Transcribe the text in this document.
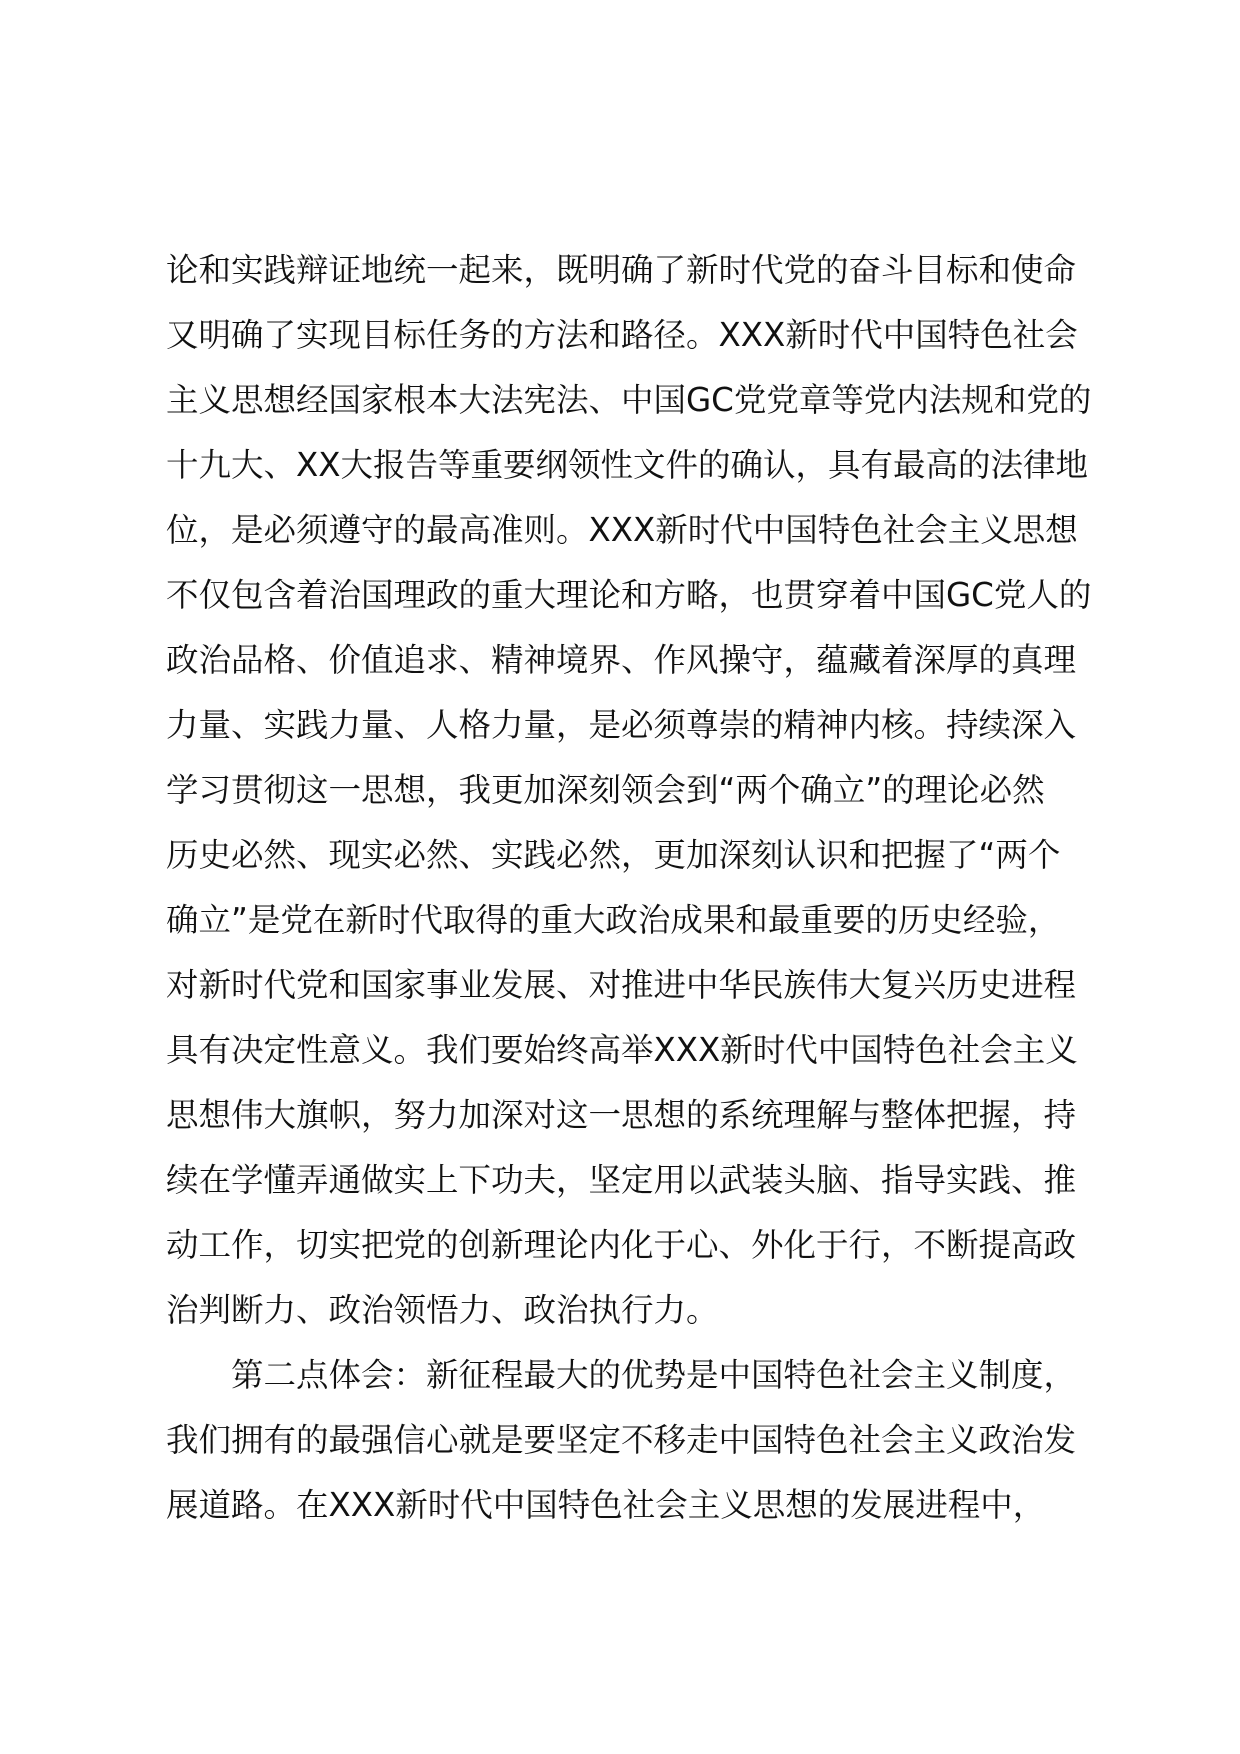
论和实践辩证地统一起来，既明确了新时代党的奋斗目标和使命
又明确了实现目标任务的方法和路径。XXX新时代中国特色社会
主义思想经国家根本大法宪法、中国GC党党章等党内法规和党的
十九大、XX大报告等重要纲领性文件的确认，具有最高的法律地
位，是必须遵守的最高准则。XXX新时代中国特色社会主义思想
不仅包含着治国理政的重大理论和方略，也贯穿着中国GC党人的
政治品格、价值追求、精神境界、作风操守，蕴藏着深厚的真理
力量、实践力量、人格力量，是必须尊崇的精神内核。持续深入
学习贯彻这一思想，我更加深刻领会到“两个确立”的理论必然
历史必然、现实必然、实践必然，更加深刻认识和把握了“两个
确立”是党在新时代取得的重大政治成果和最重要的历史经验，
对新时代党和国家事业发展、对推进中华民族伟大复兴历史进程
具有决定性意义。我们要始终高举XXX新时代中国特色社会主义
思想伟大旗帜，努力加深对这一思想的系统理解与整体把握，持
续在学懂弄通做实上下功夫，坚定用以武装头脑、指导实践、推
动工作，切实把党的创新理论内化于心、外化于行，不断提高政
治判断力、政治领悟力、政治执行力。
第二点体会：新征程最大的优势是中国特色社会主义制度，
我们拥有的最强信心就是要坚定不移走中国特色社会主义政治发
展道路。在XXX新时代中国特色社会主义思想的发展进程中，
